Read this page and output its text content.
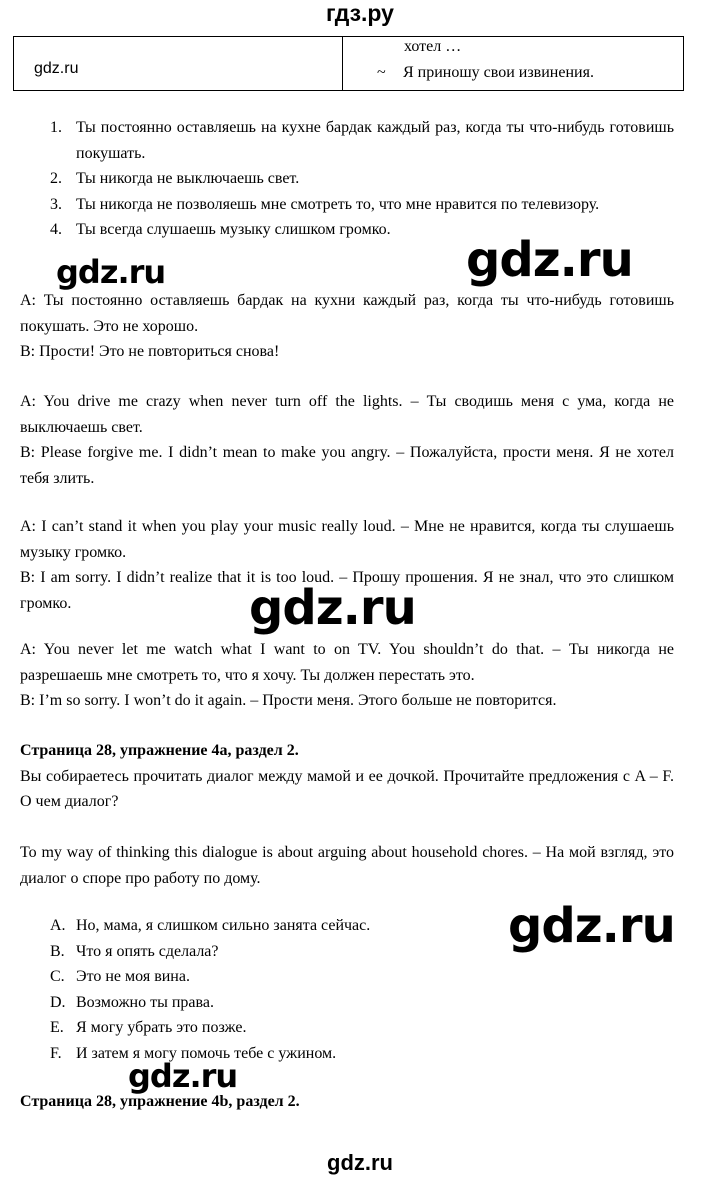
гдз.ру

gdz.ru
хотел …
~ Я приношу свои извинения.
1. Ты постоянно оставляешь на кухне бардак каждый раз, когда ты что-нибудь готовишь покушать.
2. Ты никогда не выключаешь свет.
3. Ты никогда не позволяешь мне смотреть то, что мне нравится по телевизору.
4. Ты всегда слушаешь музыку слишком громко.

A: Ты постоянно оставляешь бардак на кухни каждый раз, когда ты что-нибудь готовишь покушать. Это не хорошо.

B: Прости! Это не повториться снова!

A: You drive me crazy when never turn off the lights. – Ты сводишь меня с ума, когда не выключаешь свет.

B: Please forgive me. I didn’t mean to make you angry. – Пожалуйста, прости меня. Я не хотел тебя злить.

A: I can’t stand it when you play your music really loud. – Мне не нравится, когда ты слушаешь музыку громко.

B: I am sorry. I didn’t realize that it is too loud. – Прошу прошения. Я не знал, что это слишком громко.

A: You never let me watch what I want to on TV. You shouldn’t do that. – Ты никогда не разрешаешь мне смотреть то, что я хочу. Ты должен перестать это.

B: I’m so sorry. I won’t do it again. – Прости меня. Этого больше не повторится.

Страница 28, упражнение 4a, раздел 2.

Вы собираетесь прочитать диалог между мамой и ее дочкой. Прочитайте предложения с A – F. О чем диалог?

To my way of thinking this dialogue is about arguing about household chores. – На мой взгляд, это диалог о споре про работу по дому.
A. Но, мама, я слишком сильно занята сейчас.
B. Что я опять сделала?
C. Это не моя вина.
D. Возможно ты права.
E. Я могу убрать это позже.
F. И затем я могу помочь тебе с ужином.
Страница 28, упражнение 4b, раздел 2.
gdz.ru	gdz.ru
gdz.ru
gdz.ru
gdz.ru
gdz.ru
